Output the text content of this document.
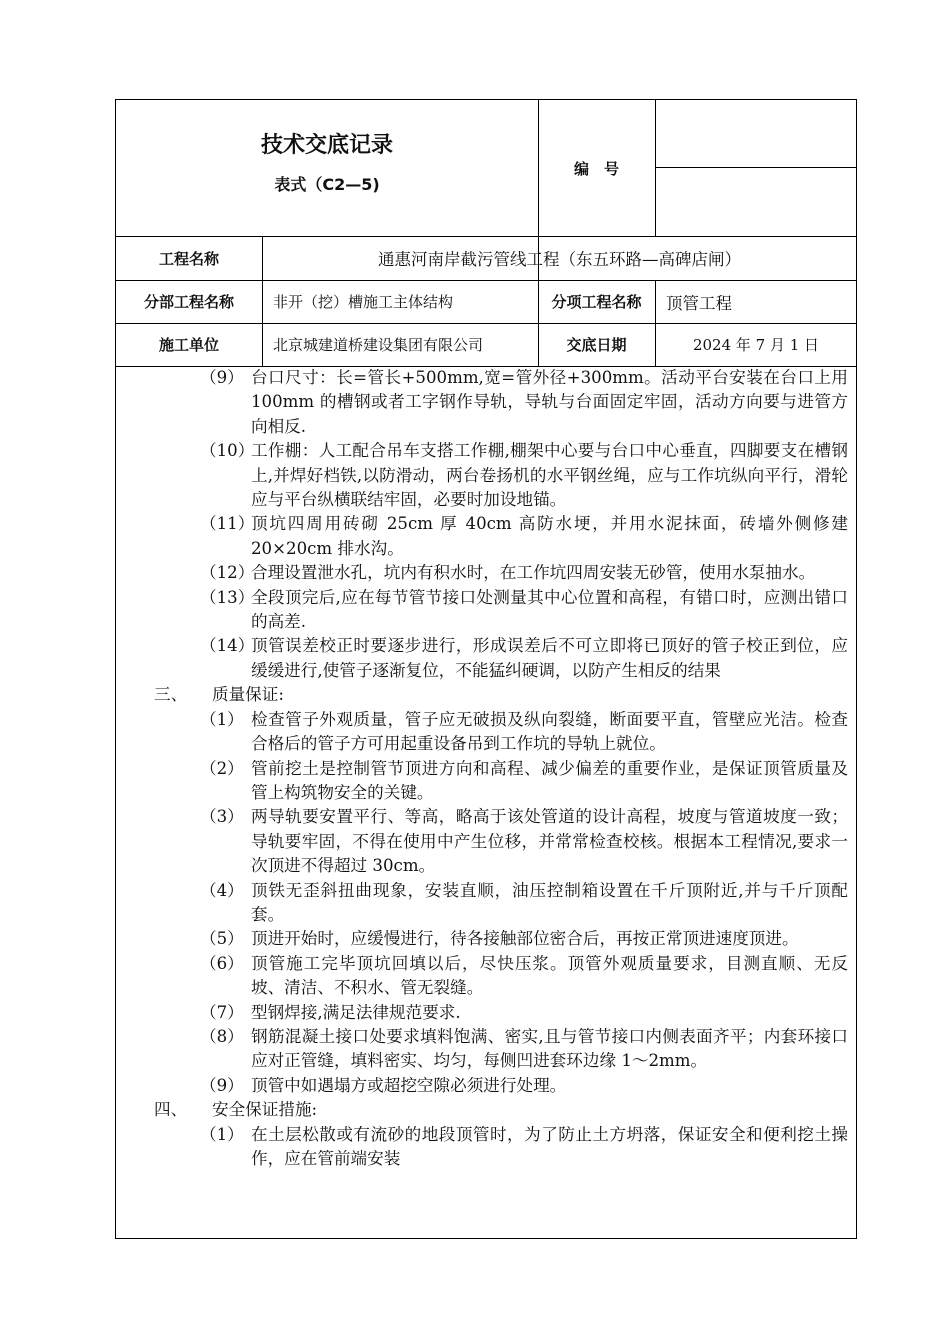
技术交底记录
表式（C2—5)
编　号
工程名称	通惠河南岸截污管线工程（东五环路—高碑店闸）
分部工程名称	非开（挖）槽施工主体结构	分项工程名称	顶管工程
施工单位	北京城建道桥建设集团有限公司	交底日期	2024 年 7 月 1 日
（9） 台口尺寸：长=管长+500mm,宽=管外径+300mm。活动平台安装在台口上用 100mm 的槽钢或者工字钢作导轨，导轨与台面固定牢固，活动方向要与进管方向相反.
（10）
工作棚：人工配合吊车支搭工作棚,棚架中心要与台口中心垂直，四脚要支在槽钢上,并焊好档铁,以防滑动，两台卷扬机的水平钢丝绳，应与工作坑纵向平行，滑轮应与平台纵横联结牢固，必要时加设地锚。
（11）
顶坑四周用砖砌 25cm 厚 40cm 高防水埂，并用水泥抹面，砖墙外侧修建 20×20cm 排水沟。
（12）
合理设置泄水孔，坑内有积水时，在工作坑四周安装无砂管，使用水泵抽水。
（13）
全段顶完后,应在每节管节接口处测量其中心位置和高程，有错口时，应测出错口的高差.
（14）
顶管误差校正时要逐步进行，形成误差后不可立即将已顶好的管子校正到位，应缓缓进行,使管子逐渐复位，不能猛纠硬调，以防产生相反的结果
三、	质量保证:
（1） 检查管子外观质量，管子应无破损及纵向裂缝，断面要平直，管壁应光洁。检查合格后的管子方可用起重设备吊到工作坑的导轨上就位。
（2） 管前挖土是控制管节顶进方向和高程、减少偏差的重要作业，是保证顶管质量及管上构筑物安全的关键。
（3） 两导轨要安置平行、等高，略高于该处管道的设计高程，坡度与管道坡度一致；导轨要牢固，不得在使用中产生位移，并常常检查校核。根据本工程情况,要求一次顶进不得超过 30cm。
（4） 顶铁无歪斜扭曲现象，安装直顺，油压控制箱设置在千斤顶附近,并与千斤顶配套。
（5） 顶进开始时，应缓慢进行，待各接触部位密合后，再按正常顶进速度顶进。
（6） 顶管施工完毕顶坑回填以后，尽快压浆。顶管外观质量要求，目测直顺、无反坡、清洁、不积水、管无裂缝。
（7） 型钢焊接,满足法律规范要求.
（8） 钢筋混凝土接口处要求填料饱满、密实,且与管节接口内侧表面齐平；内套环接口应对正管缝，填料密实、均匀，每侧凹进套环边缘 1～2mm。
（9） 顶管中如遇塌方或超挖空隙必须进行处理。
四、	安全保证措施:
（1） 在土层松散或有流砂的地段顶管时，为了防止土方坍落，保证安全和便利挖土操作，应在管前端安装
